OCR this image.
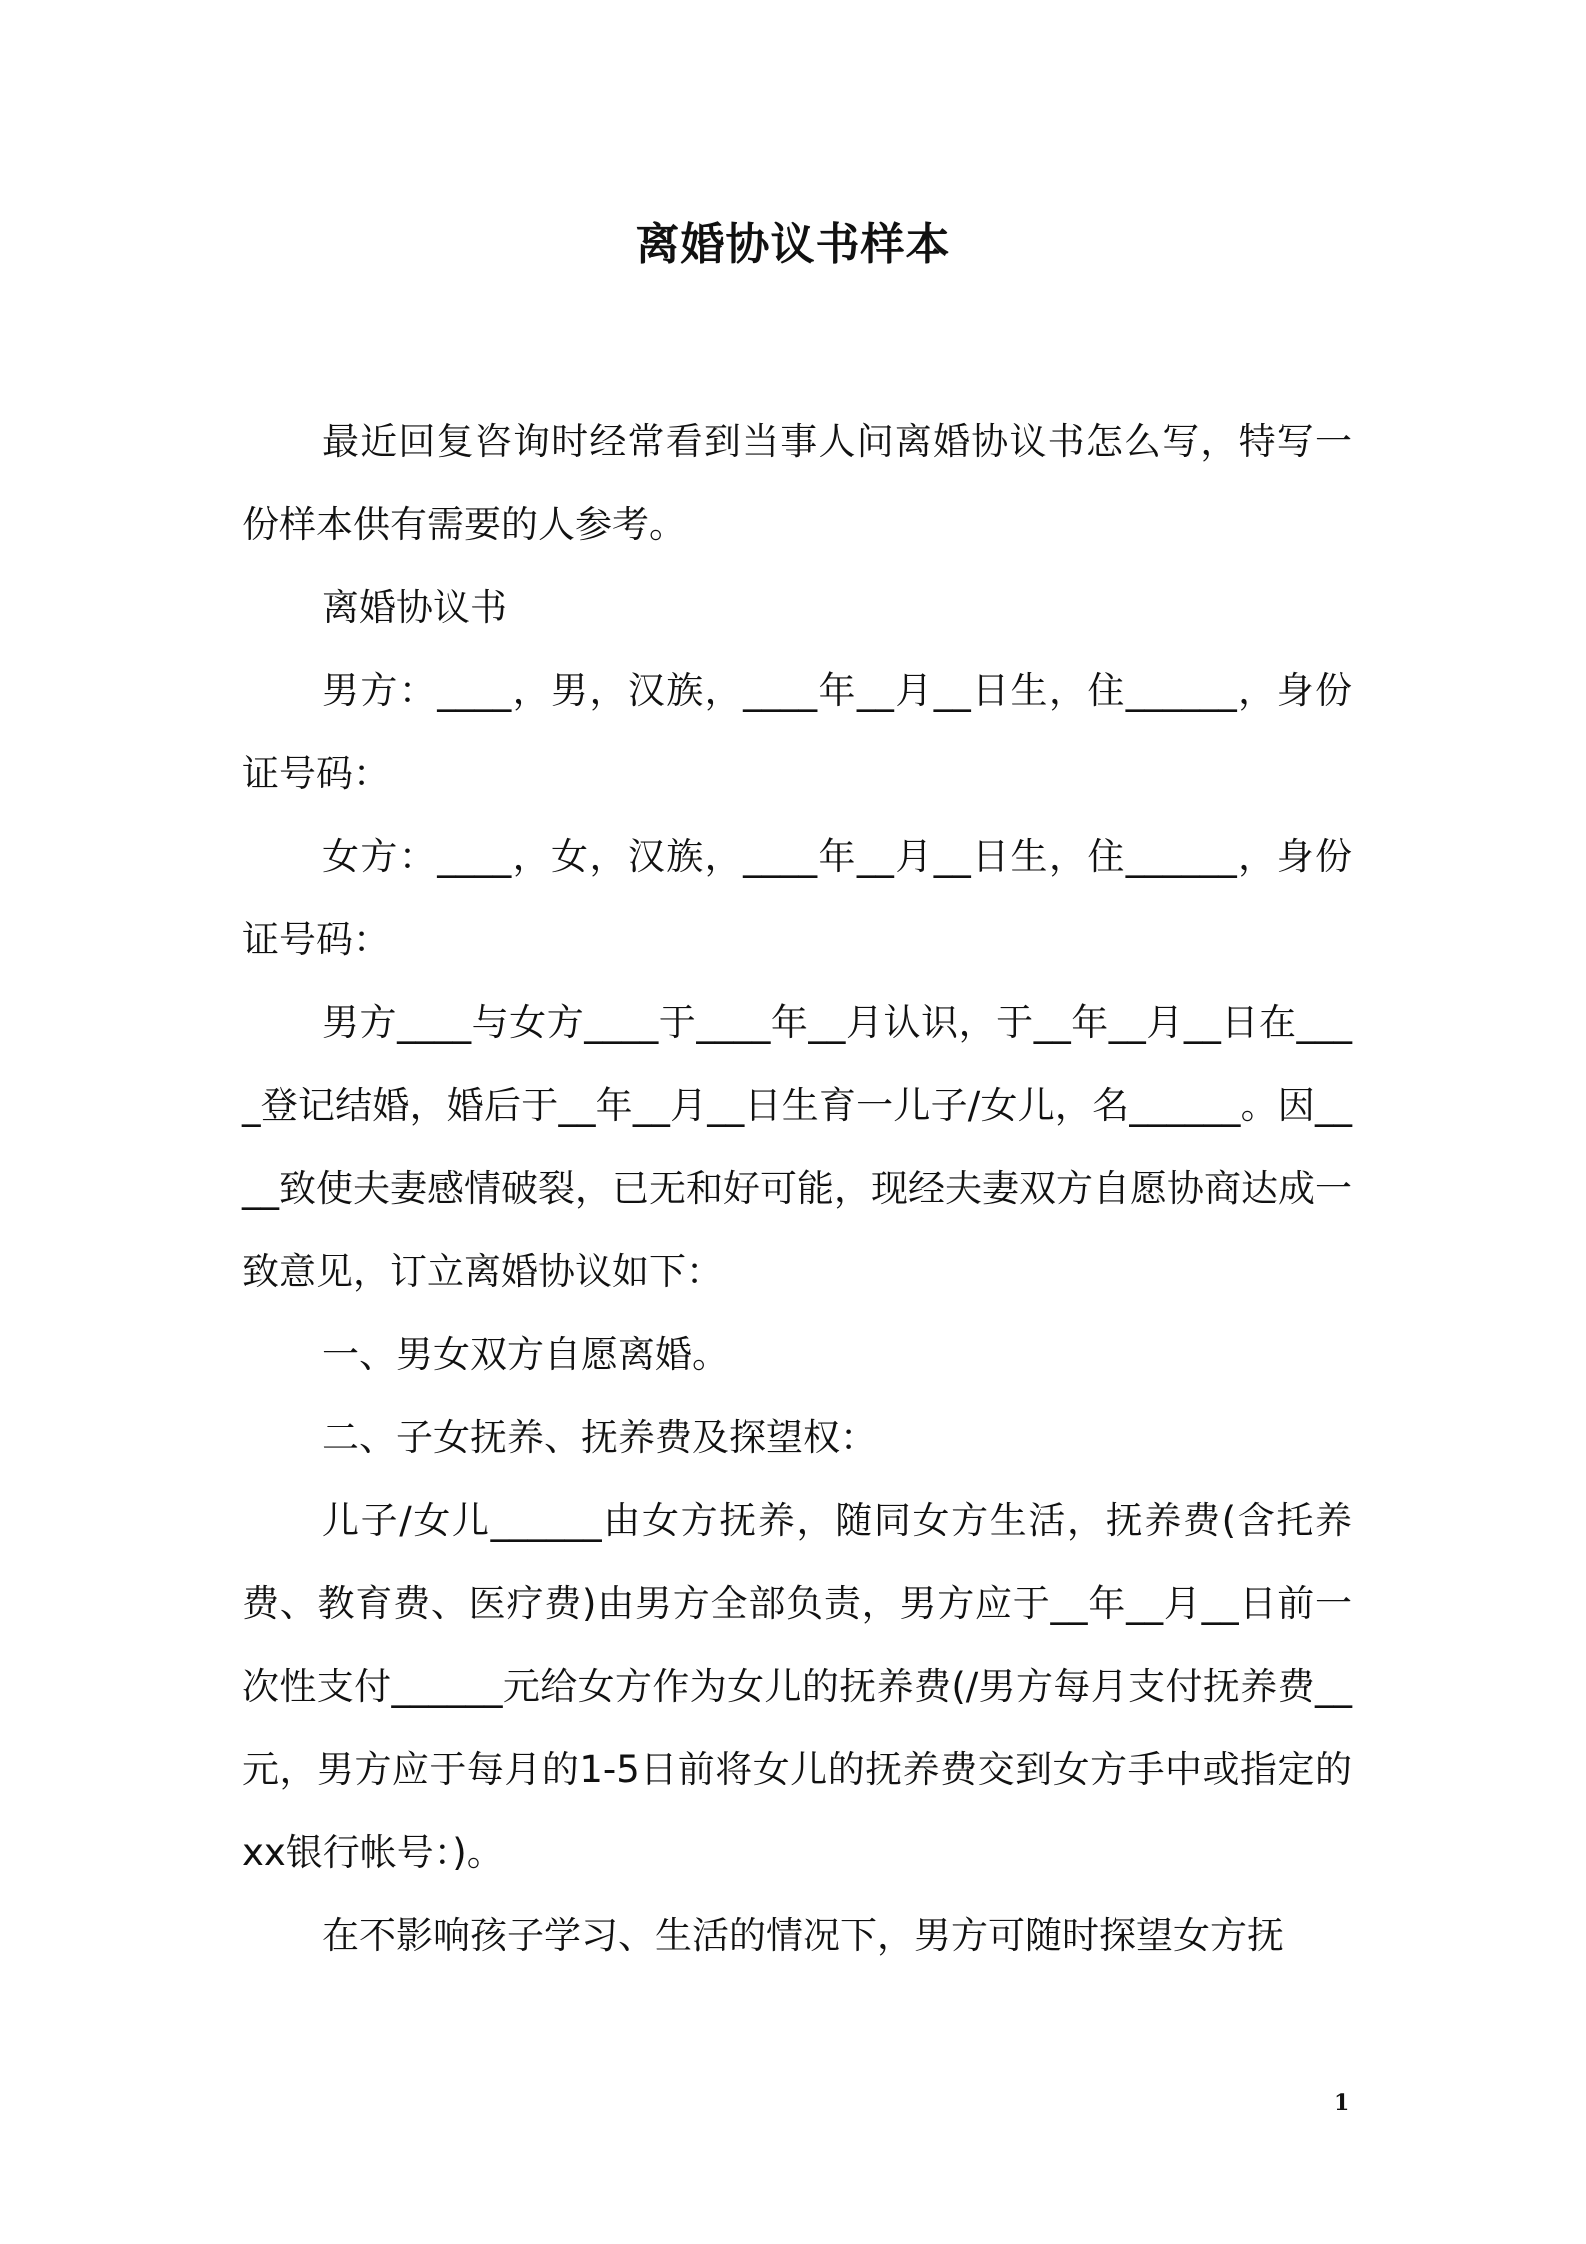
离婚协议书样本

最近回复咨询时经常看到当事人问离婚协议书怎么写，特写一份样本供有需要的人参考。

离婚协议书

男方：____，男，汉族，____年__月__日生，住______，身份证号码：

女方：____，女，汉族，____年__月__日生，住______，身份证号码：

男方____与女方____于____年__月认识，于__年__月__日在____登记结婚，婚后于__年__月__日生育一儿子/女儿，名______。因____致使夫妻感情破裂，已无和好可能，现经夫妻双方自愿协商达成一致意见，订立离婚协议如下：

一、男女双方自愿离婚。

二、子女抚养、抚养费及探望权：

儿子/女儿______由女方抚养，随同女方生活，抚养费(含托养费、教育费、医疗费)由男方全部负责，男方应于__年__月__日前一次性支付______元给女方作为女儿的抚养费(/男方每月支付抚养费__元，男方应于每月的1-5日前将女儿的抚养费交到女方手中或指定的xx银行帐号：)。

在不影响孩子学习、生活的情况下，男方可随时探望女方抚

1
